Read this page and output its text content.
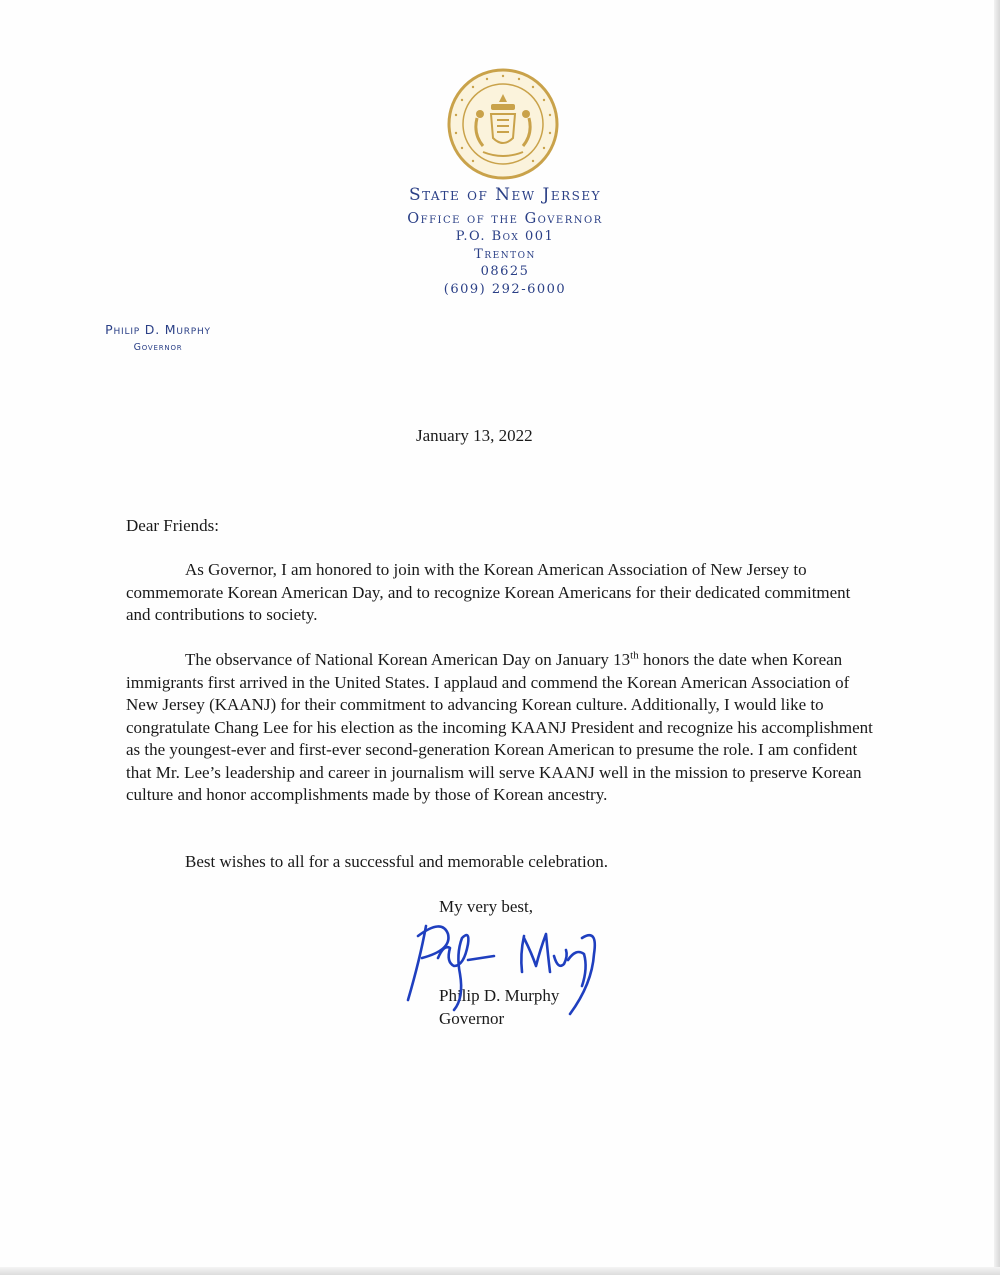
State of New Jersey
Office of the Governor
P.O. Box 001
Trenton
08625
(609) 292-6000
Philip D. Murphy
Governor
January 13, 2022
Dear Friends:
As Governor, I am honored to join with the Korean American Association of New Jersey to commemorate Korean American Day, and to recognize Korean Americans for their dedicated commitment and contributions to society.
The observance of National Korean American Day on January 13th honors the date when Korean immigrants first arrived in the United States. I applaud and commend the Korean American Association of New Jersey (KAANJ) for their commitment to advancing Korean culture. Additionally, I would like to congratulate Chang Lee for his election as the incoming KAANJ President and recognize his accomplishment as the youngest-ever and first-ever second-generation Korean American to presume the role. I am confident that Mr. Lee’s leadership and career in journalism will serve KAANJ well in the mission to preserve Korean culture and honor accomplishments made by those of Korean ancestry.
Best wishes to all for a successful and memorable celebration.
My very best,
Philip D. Murphy
Governor
